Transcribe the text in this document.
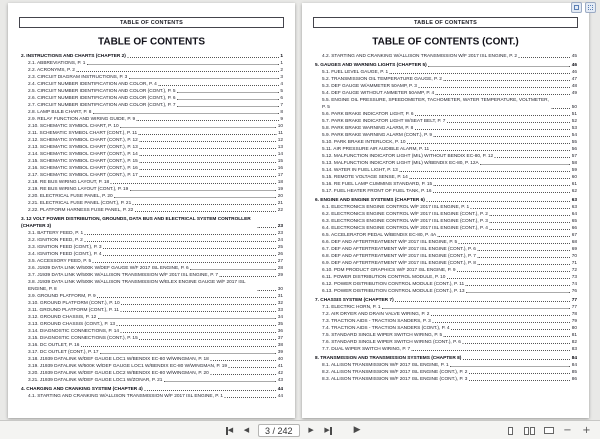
TABLE OF CONTENTS
TABLE OF CONTENTS
2. INSTRUCTIONS AND CHARTS (CHAPTER 2)	1
2.1. ABBREVIATIONS, P. 1	1
2.2. ACRONYMS, P. 2	2
2.3. CIRCUIT DIAGRAM INSTRUCTIONS, P. 3	3
2.4. CIRCUIT NUMBER IDENTIFICATION AND COLOR, P. 4	4
2.5. CIRCUIT NUMBER IDENTIFICATION AND COLOR (CONT.), P. 5	5
2.6. CIRCUIT NUMBER IDENTIFICATION AND COLOR (CONT.), P. 6	6
2.7. CIRCUIT NUMBER IDENTIFICATION AND COLOR (CONT.), P. 7	7
2.8. LAMP BULB CHART, P. 8	8
2.9. RELAY FUNCTION AND WIRING GUIDE, P. 9	9
2.10. SCHEMATIC SYMBOL CHART, P. 10	10
2.11. SCHEMATIC SYMBOL CHART (CONT.), P. 11	11
2.12. SCHEMATIC SYMBOL CHART (CONT.), P. 12	12
2.13. SCHEMATIC SYMBOL CHART (CONT.), P. 13	13
2.14. SCHEMATIC SYMBOL CHART (CONT.), P. 14	14
2.15. SCHEMATIC SYMBOL CHART (CONT.), P. 15	15
2.16. SCHEMATIC SYMBOL CHART (CONT.), P. 16	16
2.17. SCHEMATIC SYMBOL CHART (CONT.), P. 17	17
2.18. RE BUS WIRING LAYOUT, P. 18	18
2.19. RE BUS WIRING LAYOUT (CONT.), P. 19	19
2.20. ELECTRICAL FUSE PANEL, P. 20	20
2.21. ELECTRICAL FUSE PANEL (CONT.), P. 21	21
2.22. PLATFORM HARNESS FUSE PANEL, P. 22	22
3. 12 VOLT POWER DISTRIBUTION, GROUNDS, DATA BUS AND ELECTRICAL SYSTEM CONTROLLER (CHAPTER 3)	23
3.1. BATTERY FEED, P. 1	23
3.2. IGNITION FEED, P. 2	24
3.3. IGNITION FEED (CONT.), P. 3	25
3.4. IGNITION FEED (CONT.), P. 4	26
3.5. ACCESSORY FEED, P. 5	27
3.6. J1939 DATA LINK W/500K W/DEF GAUGE W/F 2017 ISL ENGINE, P. 6	28
3.7. J1939 DATA LINK W/500K W/ALLISON TRANSMISSION W/F 2017 ISL ENGINE, P. 7	29
3.8. J1939 DATA LINK W/500K W/ALLISON TRANSMISSION W/ELEX ENGINE GAUGE W/F 2017 ISL ENGINE, P. 8	30
3.9. GROUND PLATFORM, P. 9	31
3.10. GROUND PLATFORM (CONT.), P. 10	32
3.11. GROUND PLATFORM (CONT.), P. 11	33
3.12. GROUND CHASSIS, P. 12	34
3.13. GROUND CHASSIS (CONT.), P. 13	35
3.14. DIAGNOSTIC CONNECTIONS, P. 14	36
3.15. DIAGNOSTIC CONNECTIONS (CONT.), P. 15	37
3.16. DC OUTLET, P. 16	38
3.17. DC OUTLET (CONT.), P. 17	39
3.18. J1939 DATALINK W/DEF GAUGE LOC1 W/BENDIX EC-80 W/WINGMAN, P. 18	40
3.19. J1939 DATALINK W/500K W/DEF GAUGE LOC1 W/BENDIX EC-80 W/WINGMAN, P. 19	41
3.20. J1939 DATALINK W/DEF GAUGE LOC2 W/BENDIX EC-80 W/WINGMAN, P. 20	42
3.21. J1939 DATALINK W/DEF GAUGE LOC1 W/ZONAR, P. 21	43
4. CHARGING AND CRANKING SYSTEM (CHAPTER 4)	44
4.1. STARTING AND CRANKING W/ALLISON TRANSMISSION W/F 2017 ISL ENGINE, P. 1	44
TABLE OF CONTENTS
TABLE OF CONTENTS (CONT.)
4.2. STARTING AND CRANKING W/ALLISON TRANSMISSION W/F 2017 ISL ENGINE, P. 2	45
5. GAUGES AND WARNING LIGHTS (CHAPTER 5)	46
5.1. FUEL LEVEL GAUGE, P. 1	46
5.2. TRANSMISSION OIL TEMPERATURE GAUGE, P. 2	47
5.3. DEF GAUGE W/AMMETER 50AMP, P. 3	48
5.4. DEF GAUGE WITHOUT AMMETER 50AMP, P. 4	49
5.5. ENGINE OIL PRESSURE, SPEEDOMETER, TACHOMETER, WATER TEMPERATURE, VOLTMETER, P. 5	50
5.6. PARK BRAKE INDICATOR LIGHT, P. 6	51
5.7. PARK BRAKE INDICATOR LIGHT W/SEAT BELT, P. 7	52
5.8. PARK BRAKE WARNING ALARM, P. 8	53
5.9. PARK BRAKE WARNING ALARM (CONT.), P. 9	54
5.10. PARK BRAKE INTERLOCK, P. 10	55
5.11. AIR PRESSURE AIR AUDIBLE ALARM, P. 11	56
5.12. MALFUNCTION INDICATOR LIGHT (MIL) WITHOUT BENDIX EC-80, P. 12	57
5.13. MALFUNCTION INDICATOR LIGHT (MIL) W/BENDIX EC-80, P. 12A	58
5.14. WATER IN FUEL LIGHT, P. 13	59
5.15. REMOTE VOLTAGE SENSE, P. 14	60
5.16. RE FUEL LAMP CUMMINS STANDARD, P. 15	61
5.17. FUEL HEATER FRONT OF FUEL TANK, P. 16	62
6. ENGINE AND ENGINE SYSTEMS (CHAPTER 6)	63
6.1. ELECTRONICS ENGINE CONTROL W/F 2017 ISL ENGINE, P. 1	63
6.2. ELECTRONICS ENGINE CONTROL W/F 2017 ISL ENGINE (CONT.), P. 2	64
6.3. ELECTRONICS ENGINE CONTROL W/F 2017 ISL ENGINE (CONT.), P. 3	65
6.4. ELECTRONICS ENGINE CONTROL W/F 2017 ISL ENGINE (CONT.), P. 4	66
6.5. ACCELERATOR PEDAL W/BENDIX EC-80, P. 4A	67
6.6. DEF AND AFTERTREATMENT W/F 2017 ISL ENGINE, P. 5	68
6.7. DEF AND AFTERTREATMENT W/F 2017 ISL ENGINE (CONT.), P. 6	69
6.8. DEF AND AFTERTREATMENT W/F 2017 ISL ENGINE (CONT.), P. 7	70
6.9. DEF AND AFTERTREATMENT W/F 2017 ISL ENGINE (CONT.), P. 8	71
6.10. PDM PRODUCT GRAPHICS W/F 2017 ISL ENGINE, P. 9	72
6.11. POWER DISTRIBUTION CONTROL MODULE, P. 10	73
6.12. POWER DISTRIBUTION CONTROL MODULE (CONT.), P. 11	74
6.13. POWER DISTRIBUTION CONTROL MODULE (CONT.), P. 13	76
7. CHASSIS SYSTEM (CHAPTER 7)	77
7.1. ELECTRIC HORN, P. 1	77
7.2. AIR DRYER AND DRAIN VALVE WIRING, P. 2	78
7.3. TRACTION AIDS - TRACTION SANDERS, P. 3	79
7.4. TRACTION AIDS - TRACTION SANDERS (CONT.), P. 4	80
7.5. STANDARD SINGLE WIPER SWITCH WIRING, P. 5	81
7.6. STANDARD SINGLE WIPER SWITCH WIRING (CONT.), P. 6	82
7.7. DUAL WIPER SWITCH WIRING, P. 7	83
8. TRANSMISSION AND TRANSMISSION SYSTEMS (CHAPTER 8)	84
8.1. ALLISON TRANSMISSION W/F 2017 ISL ENGINE, P. 1	84
8.2. ALLISON TRANSMISSION W/F 2017 ISL ENGINE (CONT.), P. 2	85
8.3. ALLISON TRANSMISSION W/F 2017 ISL ENGINE (CONT.), P. 3	86
◀ ◀	3 / 242	▶ ▶	▶	− +
